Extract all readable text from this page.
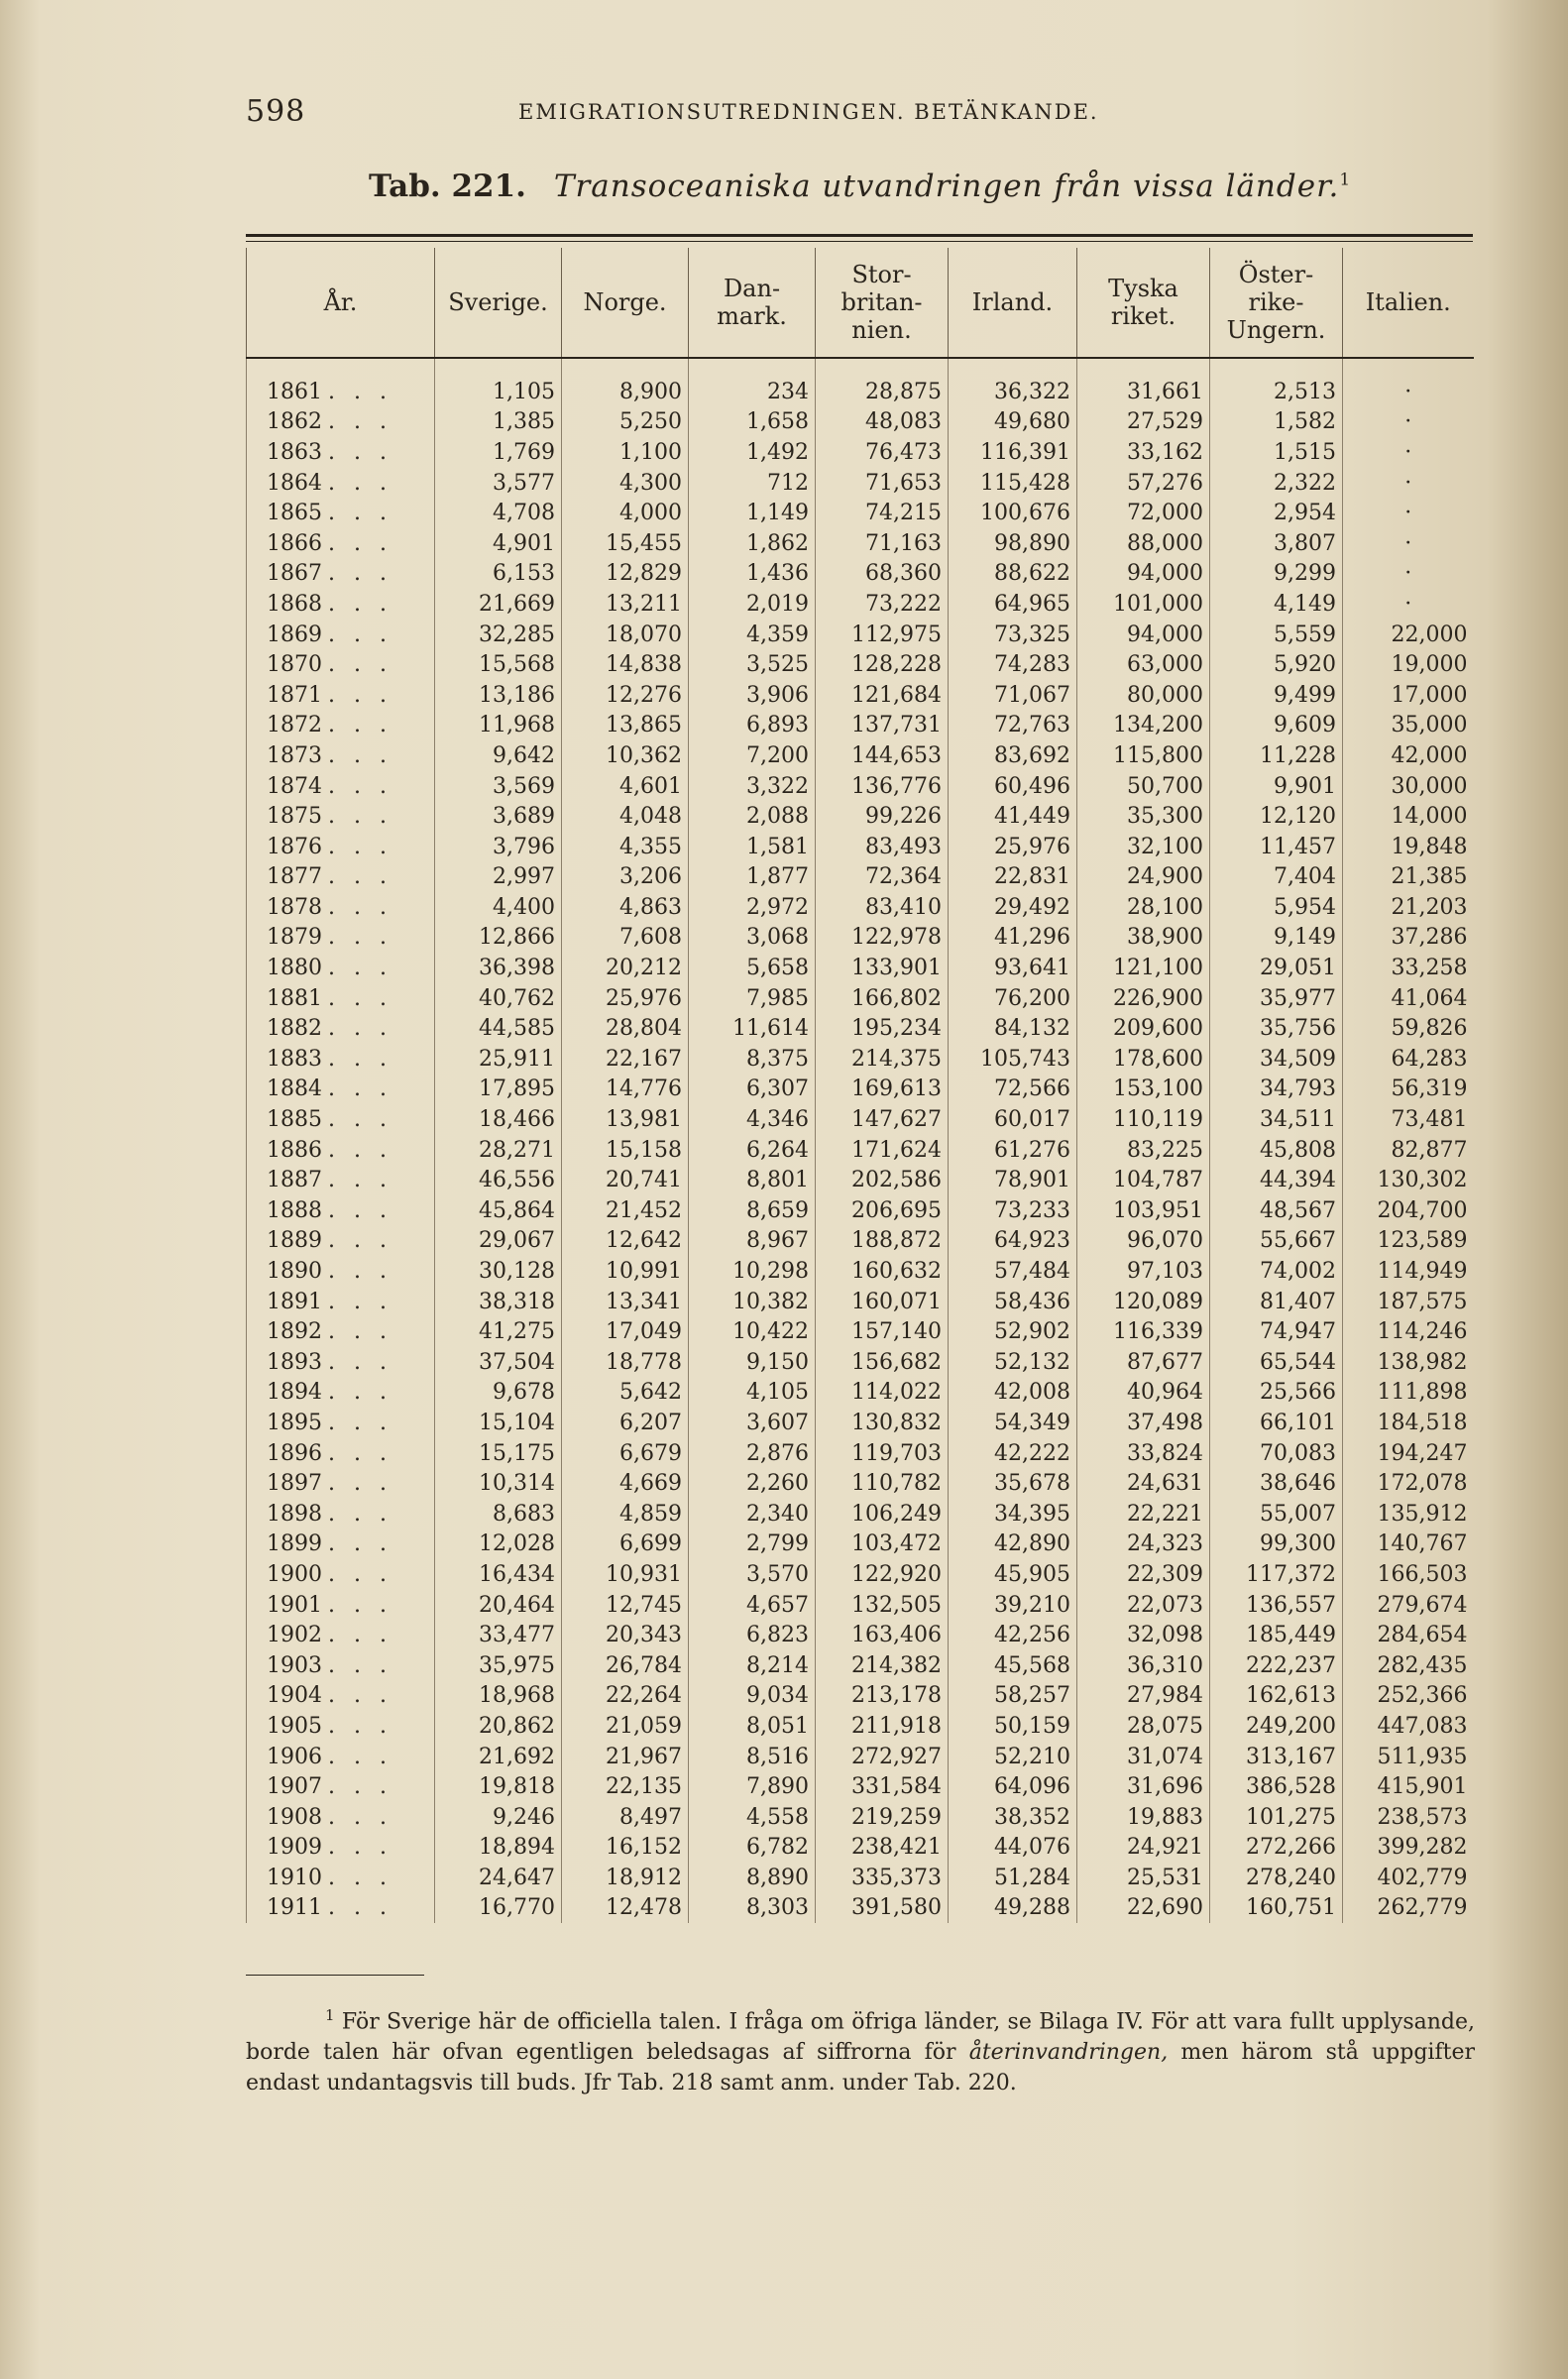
598	EMIGRATIONSUTREDNINGEN. BETÄNKANDE.
Tab. 221. Transoceaniska utvandringen från vissa länder.$^1$
År.	Sverige.	Norge.	Dan-
mark.	Stor-
britan-
nien.	Irland.	Tyska
riket.	Öster-
rike-
Ungern.	Italien.
1861 . . .	1,105	8,900	234	28,875	36,322	31,661	2,513	·
1862 . . .	1,385	5,250	1,658	48,083	49,680	27,529	1,582	·
1863 . . .	1,769	1,100	1,492	76,473	116,391	33,162	1,515	·
1864 . . .	3,577	4,300	712	71,653	115,428	57,276	2,322	·
1865 . . .	4,708	4,000	1,149	74,215	100,676	72,000	2,954	·
1866 . . .	4,901	15,455	1,862	71,163	98,890	88,000	3,807	·
1867 . . .	6,153	12,829	1,436	68,360	88,622	94,000	9,299	·
1868 . . .	21,669	13,211	2,019	73,222	64,965	101,000	4,149	·
1869 . . .	32,285	18,070	4,359	112,975	73,325	94,000	5,559	22,000
1870 . . .	15,568	14,838	3,525	128,228	74,283	63,000	5,920	19,000
1871 . . .	13,186	12,276	3,906	121,684	71,067	80,000	9,499	17,000
1872 . . .	11,968	13,865	6,893	137,731	72,763	134,200	9,609	35,000
1873 . . .	9,642	10,362	7,200	144,653	83,692	115,800	11,228	42,000
1874 . . .	3,569	4,601	3,322	136,776	60,496	50,700	9,901	30,000
1875 . . .	3,689	4,048	2,088	99,226	41,449	35,300	12,120	14,000
1876 . . .	3,796	4,355	1,581	83,493	25,976	32,100	11,457	19,848
1877 . . .	2,997	3,206	1,877	72,364	22,831	24,900	7,404	21,385
1878 . . .	4,400	4,863	2,972	83,410	29,492	28,100	5,954	21,203
1879 . . .	12,866	7,608	3,068	122,978	41,296	38,900	9,149	37,286
1880 . . .	36,398	20,212	5,658	133,901	93,641	121,100	29,051	33,258
1881 . . .	40,762	25,976	7,985	166,802	76,200	226,900	35,977	41,064
1882 . . .	44,585	28,804	11,614	195,234	84,132	209,600	35,756	59,826
1883 . . .	25,911	22,167	8,375	214,375	105,743	178,600	34,509	64,283
1884 . . .	17,895	14,776	6,307	169,613	72,566	153,100	34,793	56,319
1885 . . .	18,466	13,981	4,346	147,627	60,017	110,119	34,511	73,481
1886 . . .	28,271	15,158	6,264	171,624	61,276	83,225	45,808	82,877
1887 . . .	46,556	20,741	8,801	202,586	78,901	104,787	44,394	130,302
1888 . . .	45,864	21,452	8,659	206,695	73,233	103,951	48,567	204,700
1889 . . .	29,067	12,642	8,967	188,872	64,923	96,070	55,667	123,589
1890 . . .	30,128	10,991	10,298	160,632	57,484	97,103	74,002	114,949
1891 . . .	38,318	13,341	10,382	160,071	58,436	120,089	81,407	187,575
1892 . . .	41,275	17,049	10,422	157,140	52,902	116,339	74,947	114,246
1893 . . .	37,504	18,778	9,150	156,682	52,132	87,677	65,544	138,982
1894 . . .	9,678	5,642	4,105	114,022	42,008	40,964	25,566	111,898
1895 . . .	15,104	6,207	3,607	130,832	54,349	37,498	66,101	184,518
1896 . . .	15,175	6,679	2,876	119,703	42,222	33,824	70,083	194,247
1897 . . .	10,314	4,669	2,260	110,782	35,678	24,631	38,646	172,078
1898 . . .	8,683	4,859	2,340	106,249	34,395	22,221	55,007	135,912
1899 . . .	12,028	6,699	2,799	103,472	42,890	24,323	99,300	140,767
1900 . . .	16,434	10,931	3,570	122,920	45,905	22,309	117,372	166,503
1901 . . .	20,464	12,745	4,657	132,505	39,210	22,073	136,557	279,674
1902 . . .	33,477	20,343	6,823	163,406	42,256	32,098	185,449	284,654
1903 . . .	35,975	26,784	8,214	214,382	45,568	36,310	222,237	282,435
1904 . . .	18,968	22,264	9,034	213,178	58,257	27,984	162,613	252,366
1905 . . .	20,862	21,059	8,051	211,918	50,159	28,075	249,200	447,083
1906 . . .	21,692	21,967	8,516	272,927	52,210	31,074	313,167	511,935
1907 . . .	19,818	22,135	7,890	331,584	64,096	31,696	386,528	415,901
1908 . . .	9,246	8,497	4,558	219,259	38,352	19,883	101,275	238,573
1909 . . .	18,894	16,152	6,782	238,421	44,076	24,921	272,266	399,282
1910 . . .	24,647	18,912	8,890	335,373	51,284	25,531	278,240	402,779
1911 . . .	16,770	12,478	8,303	391,580	49,288	22,690	160,751	262,779
$^1$ För Sverige här de officiella talen. I fråga om öfriga länder, se Bilaga IV. För att vara fullt upplysande, borde talen här ofvan egentligen beledsagas af siffrorna för återinvandringen, men härom stå uppgifter endast undantagsvis till buds. Jfr Tab. 218 samt anm. under Tab. 220.
